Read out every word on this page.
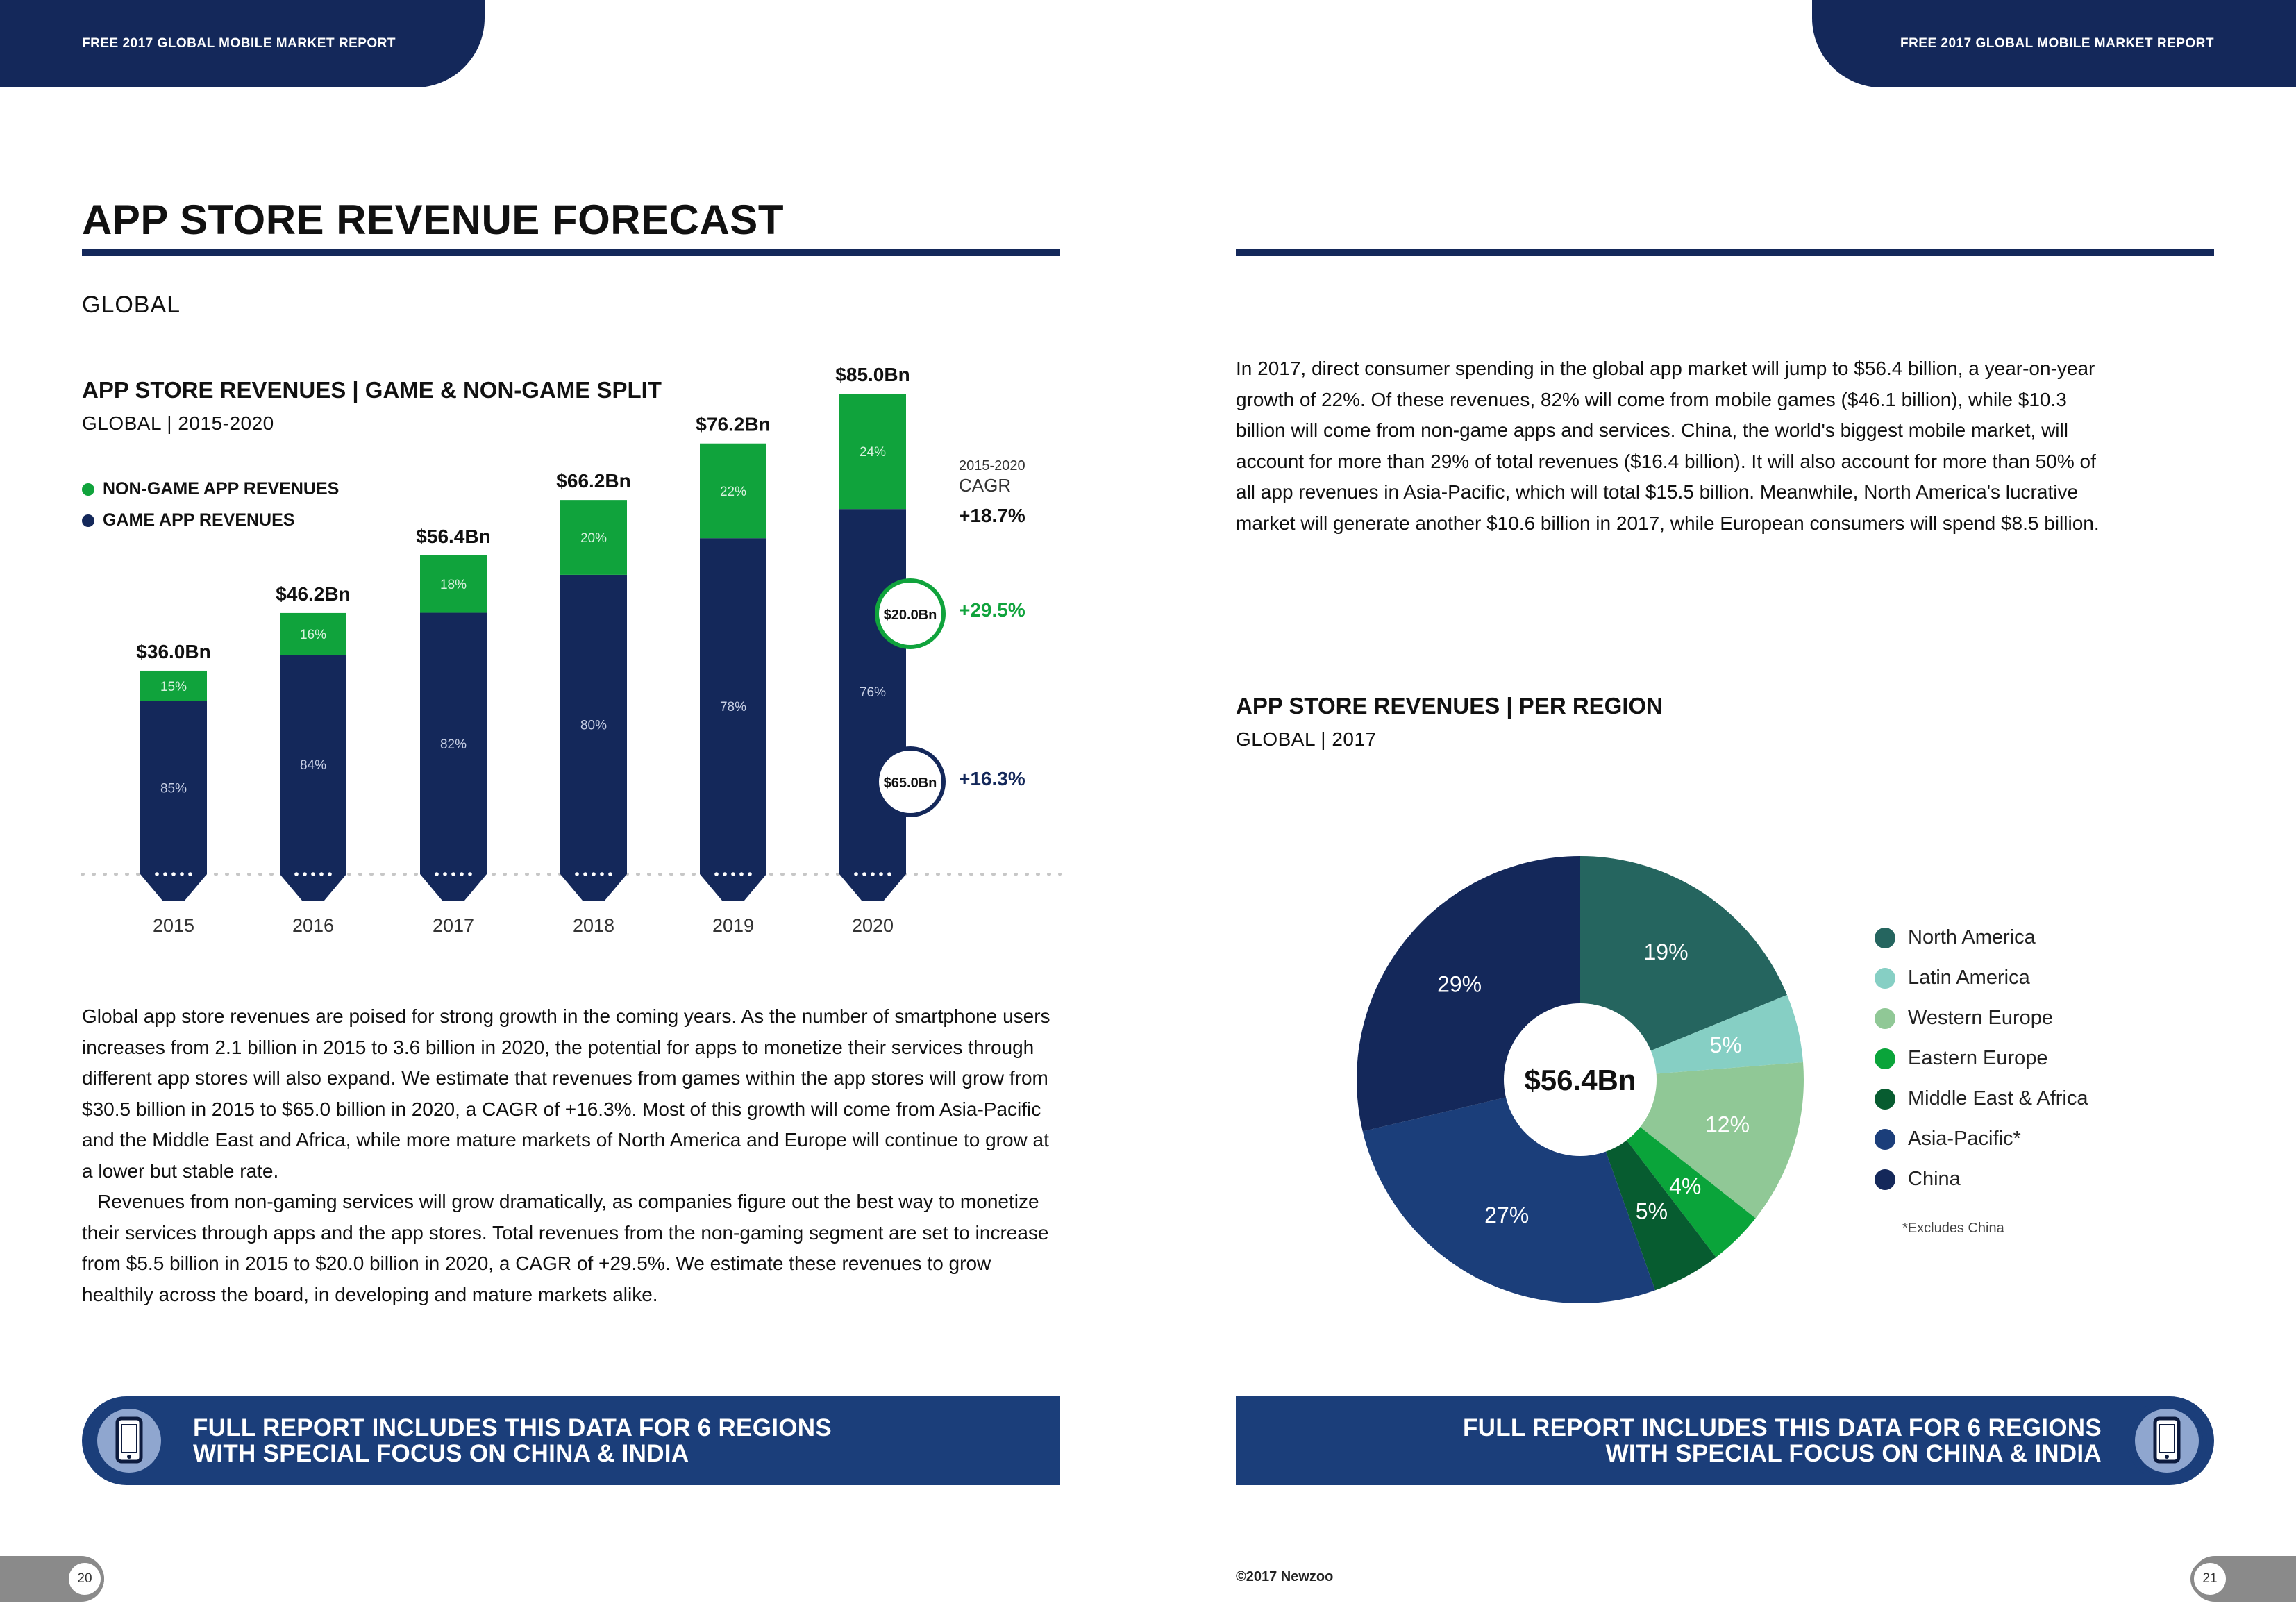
FREE 2017 GLOBAL MOBILE MARKET REPORT	FREE 2017 GLOBAL MOBILE MARKET REPORT
APP STORE REVENUE FORECAST
GLOBAL
APP STORE REVENUES | GAME & NON-GAME SPLIT
GLOBAL | 2015-2020
NON-GAME APP REVENUES
GAME APP REVENUES
2015-2020
CAGR
+18.7%
+29.5%
+16.3%
15%
85%
$36.0Bn
2015
16%
84%
$46.2Bn
2016
18%
82%
$56.4Bn
2017
20%
80%
$66.2Bn
2018
22%
78%
$76.2Bn
2019
24%
76%
$85.0Bn
2020
$20.0Bn
$65.0Bn

Global app store revenues are poised for strong growth in the coming years. As the number of smartphone users increases from 2.1 billion in 2015 to 3.6 billion in 2020, the potential for apps to monetize their services through different app stores will also expand. We estimate that revenues from games within the app stores will grow from $30.5 billion in 2015 to $65.0 billion in 2020, a CAGR of +16.3%. Most of this growth will come from Asia-Pacific and the Middle East and Africa, while more mature markets of North America and Europe will continue to grow at a lower but stable rate.

Revenues from non-gaming services will grow dramatically, as companies figure out the best way to monetize their services through apps and the app stores. Total revenues from the non-gaming segment are set to increase from $5.5 billion in 2015 to $20.0 billion in 2020, a CAGR of +29.5%. We estimate these revenues to grow healthily across the board, in developing and mature markets alike.

In 2017, direct consumer spending in the global app market will jump to $56.4 billion, a year-on-year growth of 22%. Of these revenues, 82% will come from mobile games ($46.1 billion), while $10.3 billion will come from non-game apps and services. China, the world's biggest mobile market, will account for more than 29% of total revenues ($16.4 billion). It will also account for more than 50% of all app revenues in Asia-Pacific, which will total $15.5 billion. Meanwhile, North America's lucrative market will generate another $10.6 billion in 2017, while European consumers will spend $8.5 billion.

APP STORE REVENUES | PER REGION
GLOBAL | 2017
19%
5%
12%
4%
5%
27%
29%
$56.4Bn
North America
Latin America
Western Europe
Eastern Europe
Middle East & Africa
Asia-Pacific*
China
*Excludes China
FULL REPORT INCLUDES THIS DATA FOR 6 REGIONS
WITH SPECIAL FOCUS ON CHINA & INDIA
FULL REPORT INCLUDES THIS DATA FOR 6 REGIONS
WITH SPECIAL FOCUS ON CHINA & INDIA
20	21
©2017 Newzoo
